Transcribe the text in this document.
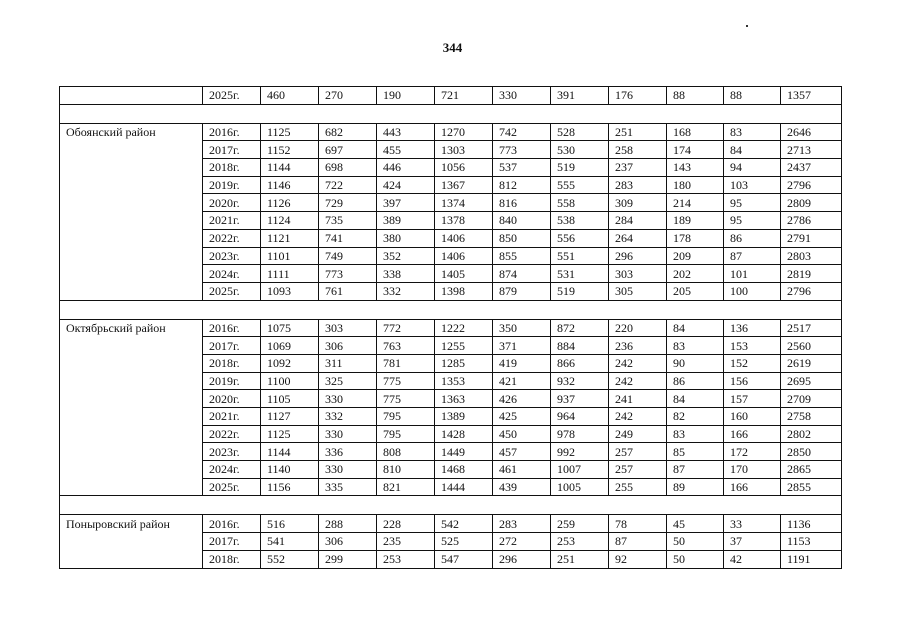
344
	2025г.	460	270	190	721	330	391	176	88	88	1357

Обоянский район	2016г.	1125	682	443	1270	742	528	251	168	83	2646
	2017г.	1152	697	455	1303	773	530	258	174	84	2713
	2018г.	1144	698	446	1056	537	519	237	143	94	2437
	2019г.	1146	722	424	1367	812	555	283	180	103	2796
	2020г.	1126	729	397	1374	816	558	309	214	95	2809
	2021г.	1124	735	389	1378	840	538	284	189	95	2786
	2022г.	1121	741	380	1406	850	556	264	178	86	2791
	2023г.	1101	749	352	1406	855	551	296	209	87	2803
	2024г.	1111	773	338	1405	874	531	303	202	101	2819
	2025г.	1093	761	332	1398	879	519	305	205	100	2796

Октябрьский район	2016г.	1075	303	772	1222	350	872	220	84	136	2517
	2017г.	1069	306	763	1255	371	884	236	83	153	2560
	2018г.	1092	311	781	1285	419	866	242	90	152	2619
	2019г.	1100	325	775	1353	421	932	242	86	156	2695
	2020г.	1105	330	775	1363	426	937	241	84	157	2709
	2021г.	1127	332	795	1389	425	964	242	82	160	2758
	2022г.	1125	330	795	1428	450	978	249	83	166	2802
	2023г.	1144	336	808	1449	457	992	257	85	172	2850
	2024г.	1140	330	810	1468	461	1007	257	87	170	2865
	2025г.	1156	335	821	1444	439	1005	255	89	166	2855

Поныровский район	2016г.	516	288	228	542	283	259	78	45	33	1136
	2017г.	541	306	235	525	272	253	87	50	37	1153
	2018г.	552	299	253	547	296	251	92	50	42	1191
